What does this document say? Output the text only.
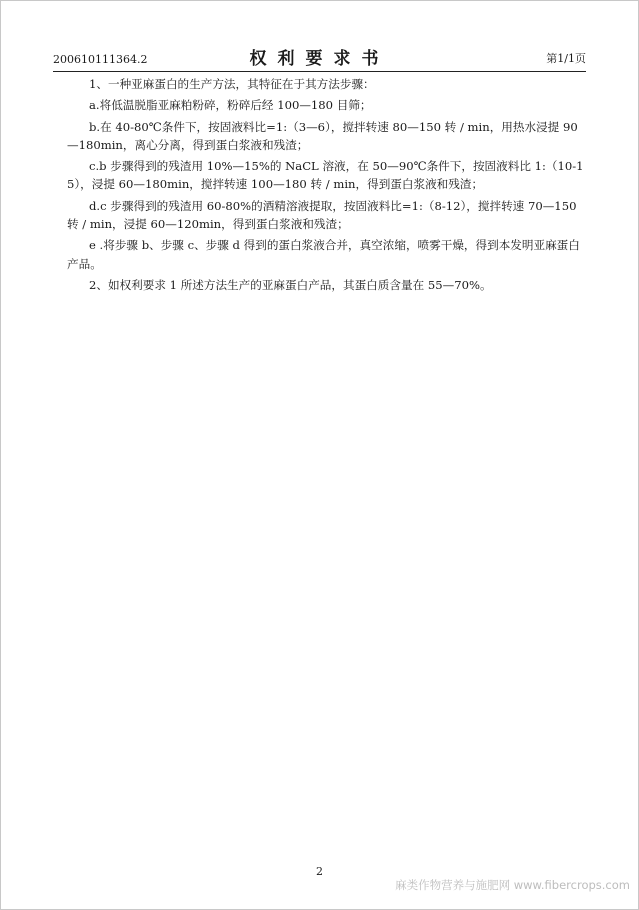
200610111364.2	权利要求书	第1/1页

1、一种亚麻蛋白的生产方法，其特征在于其方法步骤：

a.将低温脱脂亚麻粕粉碎，粉碎后经 100—180 目筛；

b.在 40-80℃条件下，按固液料比=1:（3—6），搅拌转速 80—150 转 / min，用热水浸提 90—180min，离心分离，得到蛋白浆液和残渣；

c.b 步骤得到的残渣用 10%—15%的 NaCL 溶液，在 50—90℃条件下，按固液料比 1:（10-15），浸提 60—180min，搅拌转速 100—180 转 / min，得到蛋白浆液和残渣；

d.c 步骤得到的残渣用 60-80%的酒精溶液提取，按固液料比=1:（8-12），搅拌转速 70—150 转 / min，浸提 60—120min，得到蛋白浆液和残渣；

e .将步骤 b、步骤 c、步骤 d 得到的蛋白浆液合并，真空浓缩，喷雾干燥，得到本发明亚麻蛋白产品。

2、如权利要求 1 所述方法生产的亚麻蛋白产品，其蛋白质含量在 55—70%。

2
麻类作物营养与施肥网 www.fibercrops.com
